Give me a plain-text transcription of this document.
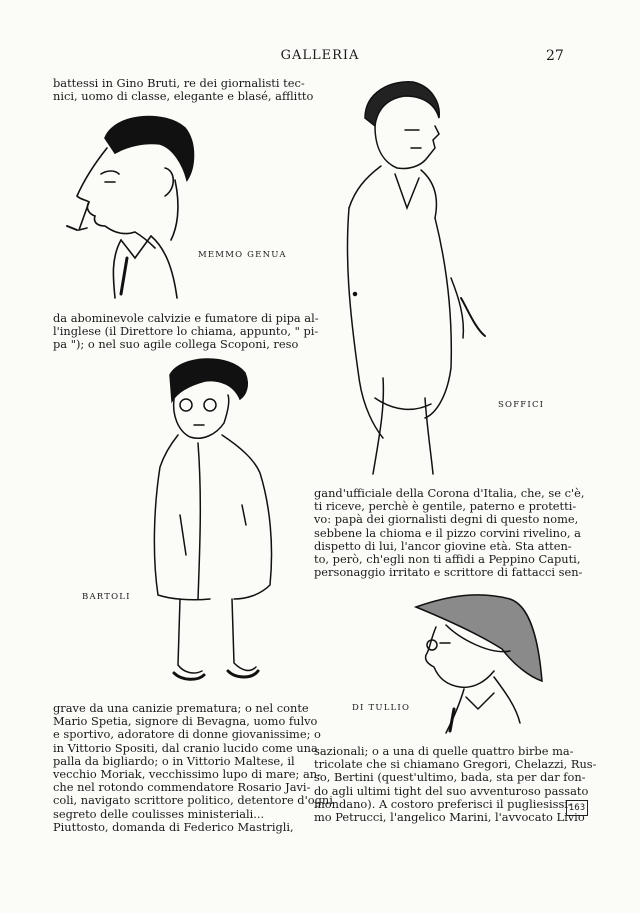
GALLERIA	27
battessi in Gino Bruti, re dei giornalisti tec-
nici, uomo di classe, elegante e blasé, afflitto
MEMMO GENUA
da abominevole calvizie e fumatore di pipa al-
l'inglese (il Direttore lo chiama, appunto, " pi-
pa "); o nel suo agile collega Scoponi, reso
BARTOLI
grave da una canizie prematura; o nel conte
Mario Spetia, signore di Bevagna, uomo fulvo
e sportivo, adoratore di donne giovanissime; o
in Vittorio Spositi, dal cranio lucido come una
palla da bigliardo; o in Vittorio Maltese, il
vecchio Moriak, vecchissimo lupo di mare; an-
che nel rotondo commendatore Rosario Javi-
coli, navigato scrittore politico, detentore d'ogni
segreto delle coulisses ministeriali...
Piuttosto, domanda di Federico Mastrigli,
SOFFICI
gand'ufficiale della Corona d'Italia, che, se c'è,
ti riceve, perchè è gentile, paterno e protetti-
vo: papà dei giornalisti degni di questo nome,
sebbene la chioma e il pizzo corvini rivelino, a
dispetto di lui, l'ancor giovine età. Sta atten-
to, però, ch'egli non ti affidi a Peppino Caputi,
personaggio irritato e scrittore di fattacci sen-
DI TULLIO
sazionali; o a una di quelle quattro birbe ma-
tricolate che si chiamano Gregori, Chelazzi, Rus-
so, Bertini (quest'ultimo, bada, sta per dar fon-
do agli ultimi tight del suo avventuroso passato
mondano). A costoro preferisci il pugliesissi-
mo Petrucci, l'angelico Marini, l'avvocato Livio
163
